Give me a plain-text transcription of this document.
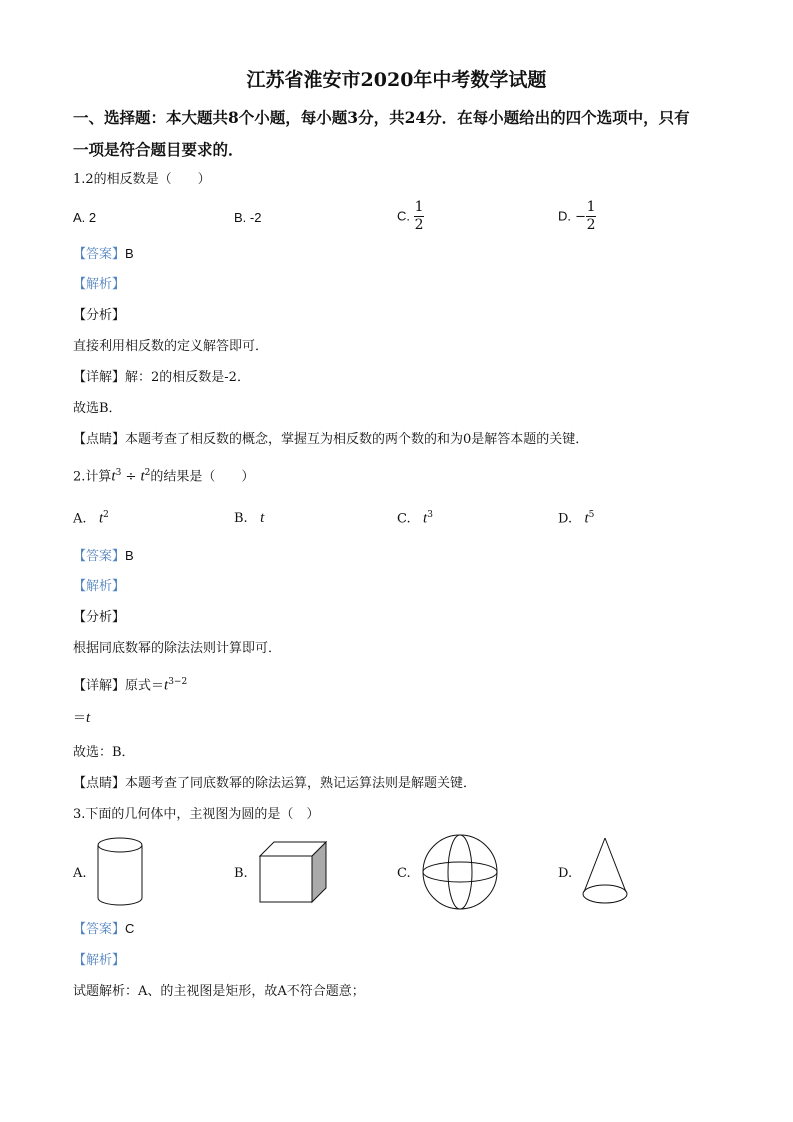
江苏省淮安市2020年中考数学试题
一、选择题：本大题共8个小题，每小题3分，共24分．在每小题给出的四个选项中，只有
一项是符合题目要求的．
1.2的相反数是（　　）
A. 2	B. -2	C. $\frac{1}{2}$	D. − $\frac{1}{2}$
【答案】B
【解析】
【分析】
直接利用相反数的定义解答即可．
【详解】解：2的相反数是-2．
故选B．
【点睛】本题考查了相反数的概念，掌握互为相反数的两个数的和为0是解答本题的关键．
2.计算$t^3 \div t^2$的结果是（　　）
A. $t^2$	B. t	C. $t^3$	D. $t^5$
【答案】B
【解析】
【分析】
根据同底数幂的除法法则计算即可．
【详解】原式$=t^{3-2}$
＝t
故选：B．
【点睛】本题考查了同底数幂的除法运算，熟记运算法则是解题关键．
3.下面的几何体中，主视图为圆的是（　）
A.	B.	C.	D.
【答案】C
【解析】
试题解析：A、的主视图是矩形，故A不符合题意；
